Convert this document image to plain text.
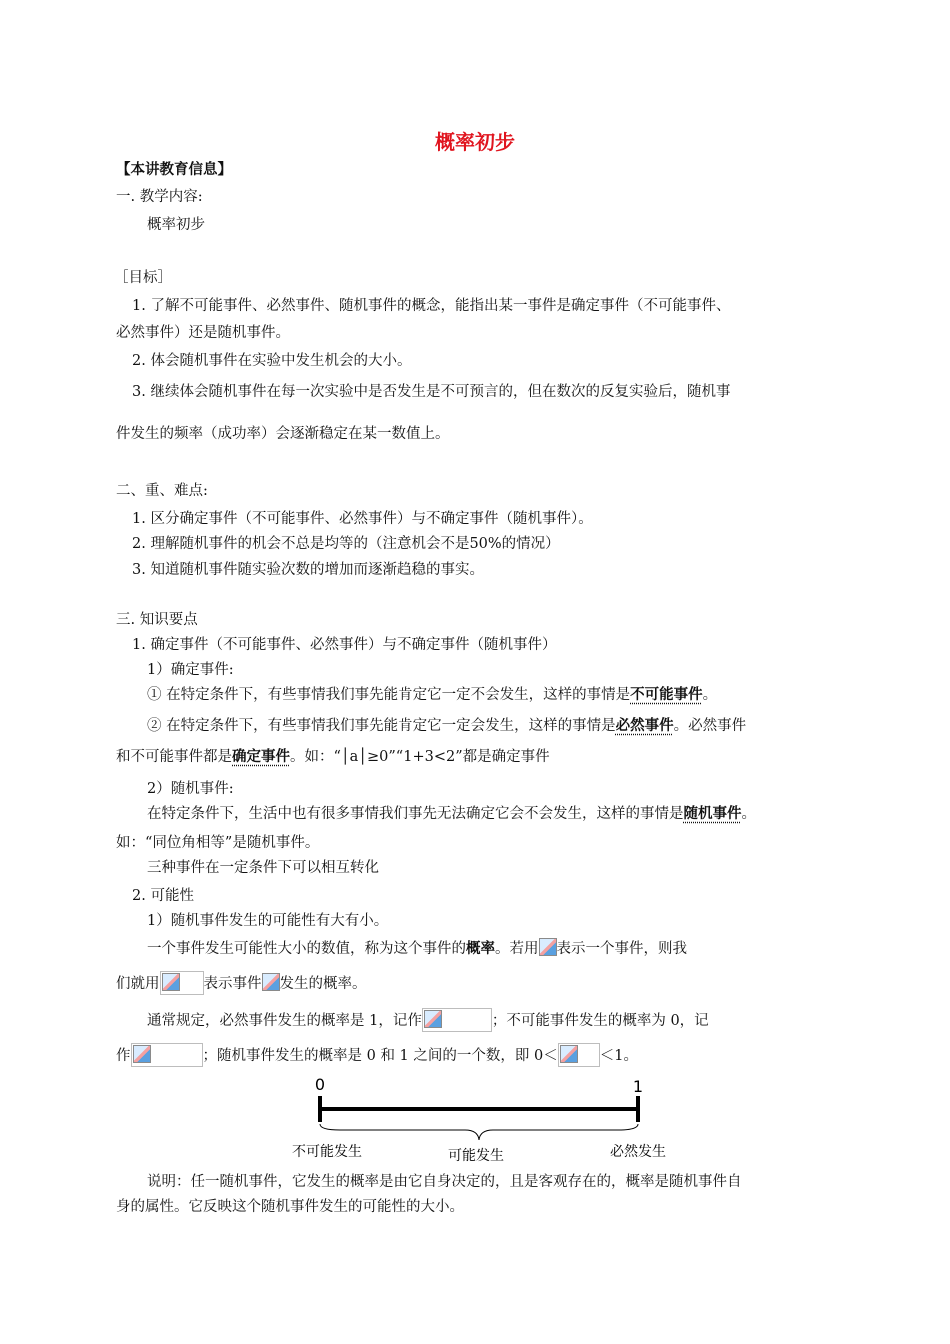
概率初步
【本讲教育信息】
一. 教学内容:
概率初步
［目标］
1. 了解不可能事件、必然事件、随机事件的概念，能指出某一事件是确定事件（不可能事件、
必然事件）还是随机事件。
2. 体会随机事件在实验中发生机会的大小。
3. 继续体会随机事件在每一次实验中是否发生是不可预言的，但在数次的反复实验后，随机事
件发生的频率（成功率）会逐渐稳定在某一数值上。
二、重、难点:
1. 区分确定事件（不可能事件、必然事件）与不确定事件（随机事件）。
2. 理解随机事件的机会不总是均等的（注意机会不是50%的情况）
3. 知道随机事件随实验次数的增加而逐渐趋稳的事实。
三. 知识要点
1. 确定事件（不可能事件、必然事件）与不确定事件（随机事件）
1）确定事件:
① 在特定条件下，有些事情我们事先能肯定它一定不会发生，这样的事情是不可能事件。
② 在特定条件下，有些事情我们事先能肯定它一定会发生，这样的事情是必然事件。必然事件
和不可能事件都是确定事件。如：“│a│≥0”“1+3<2”都是确定事件
2）随机事件:
在特定条件下，生活中也有很多事情我们事先无法确定它会不会发生，这样的事情是随机事件。
如：“同位角相等”是随机事件。
三种事件在一定条件下可以相互转化
2. 可能性
1）随机事件发生的可能性有大有小。
一个事件发生可能性大小的数值，称为这个事件的概率。若用 表示一个事件，则我
们就用	表示事件 发生的概率。
通常规定，必然事件发生的概率是 1，记作	；不可能事件发生的概率为 0，记
作	；随机事件发生的概率是 0 和 1 之间的一个数，即 0＜	＜1。
0	1
不可能发生	可能发生	必然发生
说明：任一随机事件，它发生的概率是由它自身决定的，且是客观存在的，概率是随机事件自
身的属性。它反映这个随机事件发生的可能性的大小。
